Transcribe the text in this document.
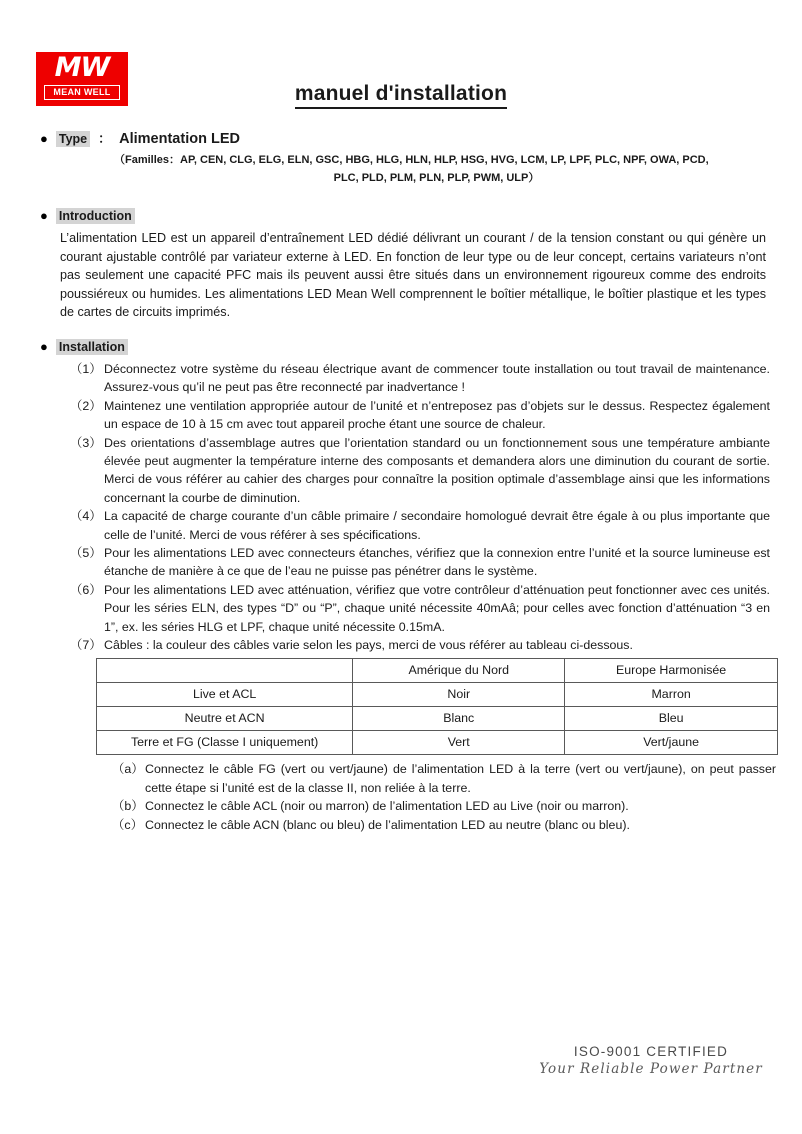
MW
MEAN WELL	manuel d'installation
● Type ： Alimentation LED
（Familles：AP, CEN, CLG, ELG, ELN, GSC, HBG, HLG, HLN, HLP, HSG, HVG, LCM, LP, LPF, PLC, NPF, OWA, PCD,
PLC, PLD, PLM, PLN, PLP, PWM, ULP）
● Introduction
L’alimentation LED est un appareil d’entraînement LED dédié délivrant un courant / de la tension constant ou qui génère un courant ajustable contrôlé par variateur externe à LED. En fonction de leur type ou de leur concept, certains variateurs n’ont pas seulement une capacité PFC mais ils peuvent aussi être situés dans un environnement rigoureux comme des endroits poussiéreux ou humides. Les alimentations LED Mean Well comprennent le boȋtier métallique, le boîtier plastique et les types de cartes de circuits imprimés.
● Installation
（1） Déconnectez votre système du réseau électrique avant de commencer toute installation ou tout travail de maintenance. Assurez-vous qu’il ne peut pas être reconnecté par inadvertance !
（2） Maintenez une ventilation appropriée autour de l’unité et n’entreposez pas d’objets sur le dessus. Respectez également un espace de 10 à 15 cm avec tout appareil proche étant une source de chaleur.
（3） Des orientations d’assemblage autres que l’orientation standard ou un fonctionnement sous une température ambiante élevée peut augmenter la température interne des composants et demandera alors une diminution du courant de sortie. Merci de vous référer au cahier des charges pour connaȋtre la position optimale d’assemblage ainsi que les informations concernant la courbe de diminution.
（4） La capacité de charge courante d’un câble primaire / secondaire homologué devrait être égale à ou plus importante que celle de l’unité. Merci de vous référer à ses spécifications.
（5） Pour les alimentations LED avec connecteurs étanches, vérifiez que la connexion entre l’unité et la source lumineuse est étanche de manière à ce que de l’eau ne puisse pas pénétrer dans le système.
（6） Pour les alimentations LED avec atténuation, vérifiez que votre contrôleur d’atténuation peut fonctionner avec ces unités. Pour les séries ELN, des types “D” ou “P”, chaque unité nécessite 40mAâ; pour celles avec fonction d’atténuation “3 en 1”, ex. les séries HLG et LPF, chaque unité nécessite 0.15mA.
（7） Câbles : la couleur des câbles varie selon les pays, merci de vous référer au tableau ci-dessous.
	Amérique du Nord	Europe Harmonisée
Live et ACL	Noir	Marron
Neutre et ACN	Blanc	Bleu
Terre et FG (Classe I uniquement)	Vert	Vert/jaune
（a） Connectez le câble FG (vert ou vert/jaune) de l’alimentation LED à la terre (vert ou vert/jaune), on peut passer cette étape si l’unité est de la classe II, non reliée à la terre.
（b） Connectez le câble ACL (noir ou marron) de l’alimentation LED au Live (noir ou marron).
（c） Connectez le câble ACN (blanc ou bleu) de l’alimentation LED au neutre (blanc ou bleu).
ISO-9001 CERTIFIED
Your Reliable Power Partner
